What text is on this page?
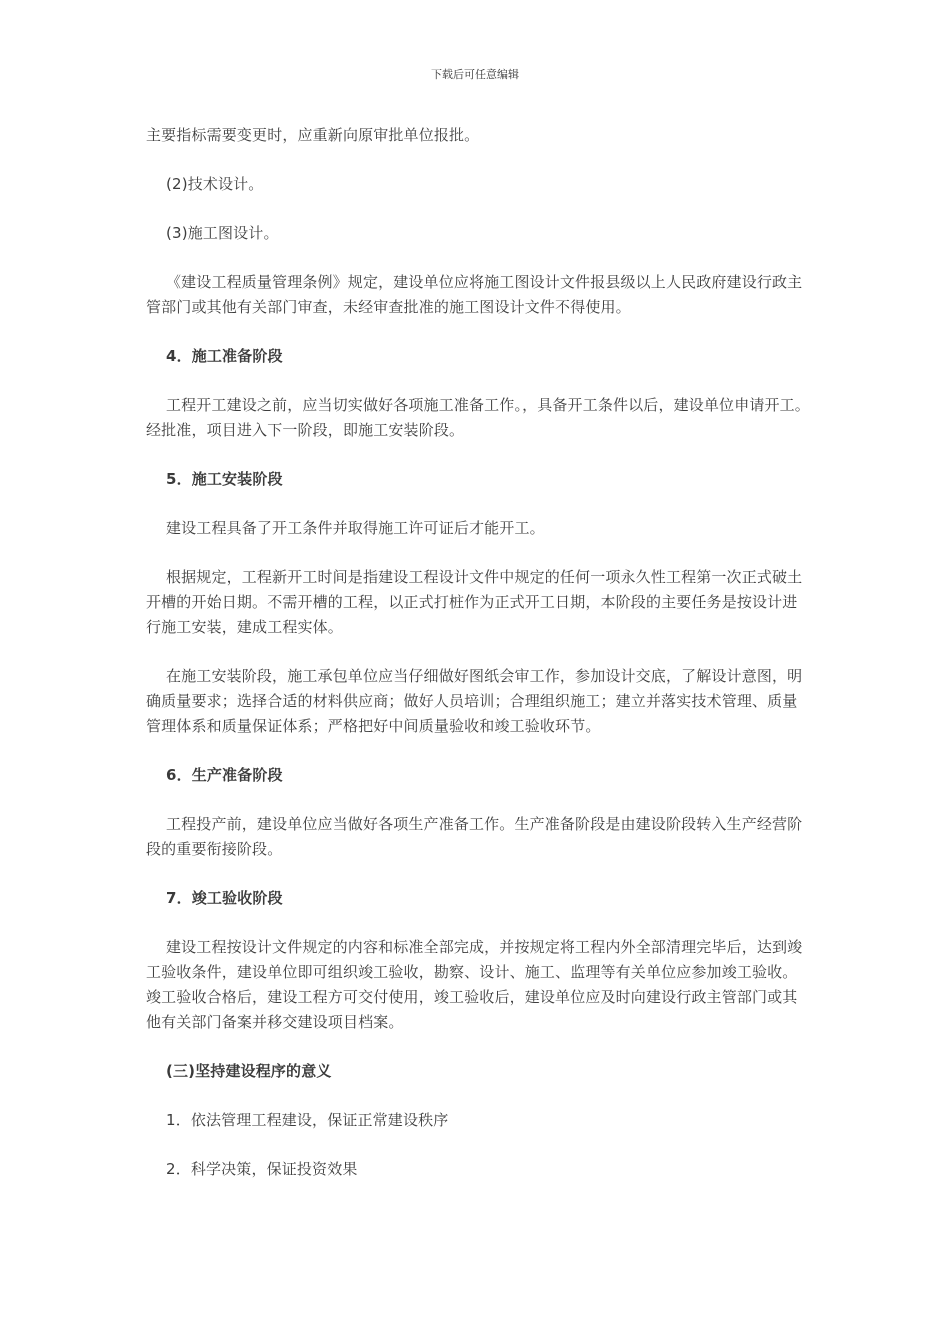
下载后可任意编辑

主要指标需要变更时，应重新向原审批单位报批。

(2)技术设计。

(3)施工图设计。

《建设工程质量管理条例》规定，建设单位应将施工图设计文件报县级以上人民政府建设行政主管部门或其他有关部门审查，未经审查批准的施工图设计文件不得使用。

4．施工准备阶段

工程开工建设之前，应当切实做好各项施工准备工作。，具备开工条件以后，建设单位申请开工。经批准，项目进入下一阶段，即施工安装阶段。

5．施工安装阶段

建设工程具备了开工条件并取得施工许可证后才能开工。

根据规定，工程新开工时间是指建设工程设计文件中规定的任何一项永久性工程第一次正式破土开槽的开始日期。不需开槽的工程，以正式打桩作为正式开工日期，本阶段的主要任务是按设计进行施工安装，建成工程实体。

在施工安装阶段，施工承包单位应当仔细做好图纸会审工作，参加设计交底，了解设计意图，明确质量要求；选择合适的材料供应商；做好人员培训；合理组织施工；建立并落实技术管理、质量管理体系和质量保证体系；严格把好中间质量验收和竣工验收环节。

6．生产准备阶段

工程投产前，建设单位应当做好各项生产准备工作。生产准备阶段是由建设阶段转入生产经营阶段的重要衔接阶段。

7．竣工验收阶段

建设工程按设计文件规定的内容和标准全部完成，并按规定将工程内外全部清理完毕后，达到竣工验收条件，建设单位即可组织竣工验收，勘察、设计、施工、监理等有关单位应参加竣工验收。竣工验收合格后，建设工程方可交付使用，竣工验收后，建设单位应及时向建设行政主管部门或其他有关部门备案并移交建设项目档案。

(三)坚持建设程序的意义

1．依法管理工程建设，保证正常建设秩序

2．科学决策，保证投资效果
